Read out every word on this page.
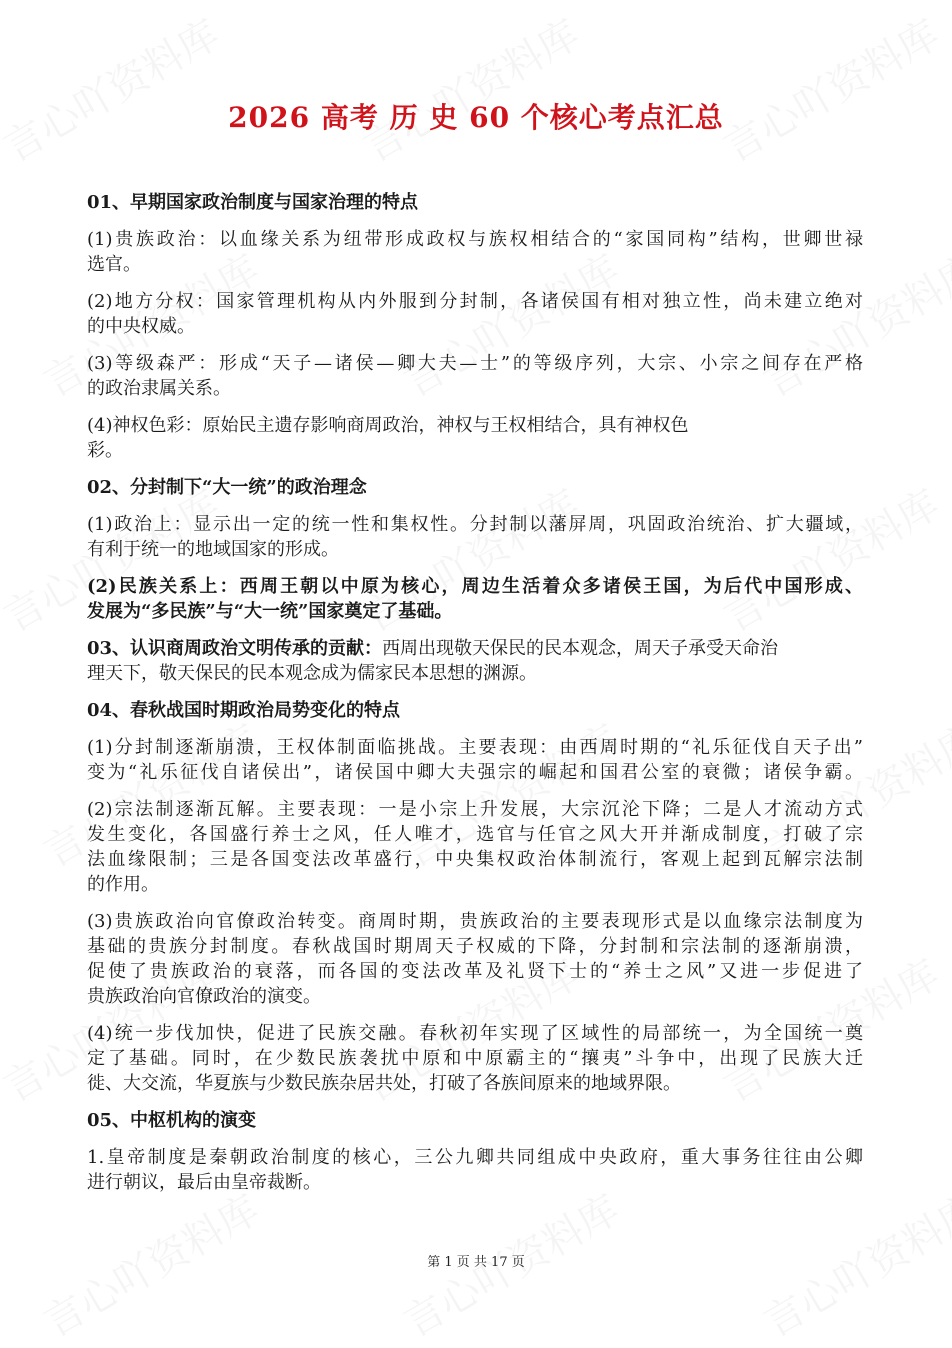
2026 高考 历 史 60 个核心考点汇总
01、早期国家政治制度与国家治理的特点
(1)贵族政治：以血缘关系为纽带形成政权与族权相结合的“家国同构”结构，世卿世禄
选官。
(2)地方分权：国家管理机构从内外服到分封制，各诸侯国有相对独立性，尚未建立绝对
的中央权威。
(3)等级森严：形成“天子—诸侯—卿大夫—士”的等级序列，大宗、小宗之间存在严格
的政治隶属关系。
(4)神权色彩：原始民主遗存影响商周政治，神权与王权相结合，具有神权色
彩。
02、分封制下“大一统”的政治理念
(1)政治上：显示出一定的统一性和集权性。分封制以藩屏周，巩固政治统治、扩大疆域，
有利于统一的地域国家的形成。
(2)民族关系上：西周王朝以中原为核心，周边生活着众多诸侯王国，为后代中国形成、
发展为“多民族”与“大一统”国家奠定了基础。
03、认识商周政治文明传承的贡献：西周出现敬天保民的民本观念，周天子承受天命治
理天下，敬天保民的民本观念成为儒家民本思想的渊源。
04、春秋战国时期政治局势变化的特点
(1)分封制逐渐崩溃，王权体制面临挑战。主要表现：由西周时期的“礼乐征伐自天子出”
变为“礼乐征伐自诸侯出”，诸侯国中卿大夫强宗的崛起和国君公室的衰微；诸侯争霸。
(2)宗法制逐渐瓦解。主要表现：一是小宗上升发展，大宗沉沦下降；二是人才流动方式
发生变化，各国盛行养士之风，任人唯才，选官与任官之风大开并渐成制度，打破了宗
法血缘限制；三是各国变法改革盛行，中央集权政治体制流行，客观上起到瓦解宗法制
的作用。
(3)贵族政治向官僚政治转变。商周时期，贵族政治的主要表现形式是以血缘宗法制度为
基础的贵族分封制度。春秋战国时期周天子权威的下降，分封制和宗法制的逐渐崩溃，
促使了贵族政治的衰落，而各国的变法改革及礼贤下士的“养士之风”又进一步促进了
贵族政治向官僚政治的演变。
(4)统一步伐加快，促进了民族交融。春秋初年实现了区域性的局部统一，为全国统一奠
定了基础。同时，在少数民族袭扰中原和中原霸主的“攘夷”斗争中，出现了民族大迁
徙、大交流，华夏族与少数民族杂居共处，打破了各族间原来的地域界限。
05、中枢机构的演变
1.皇帝制度是秦朝政治制度的核心，三公九卿共同组成中央政府，重大事务往往由公卿
进行朝议，最后由皇帝裁断。
第 1 页 共 17 页
